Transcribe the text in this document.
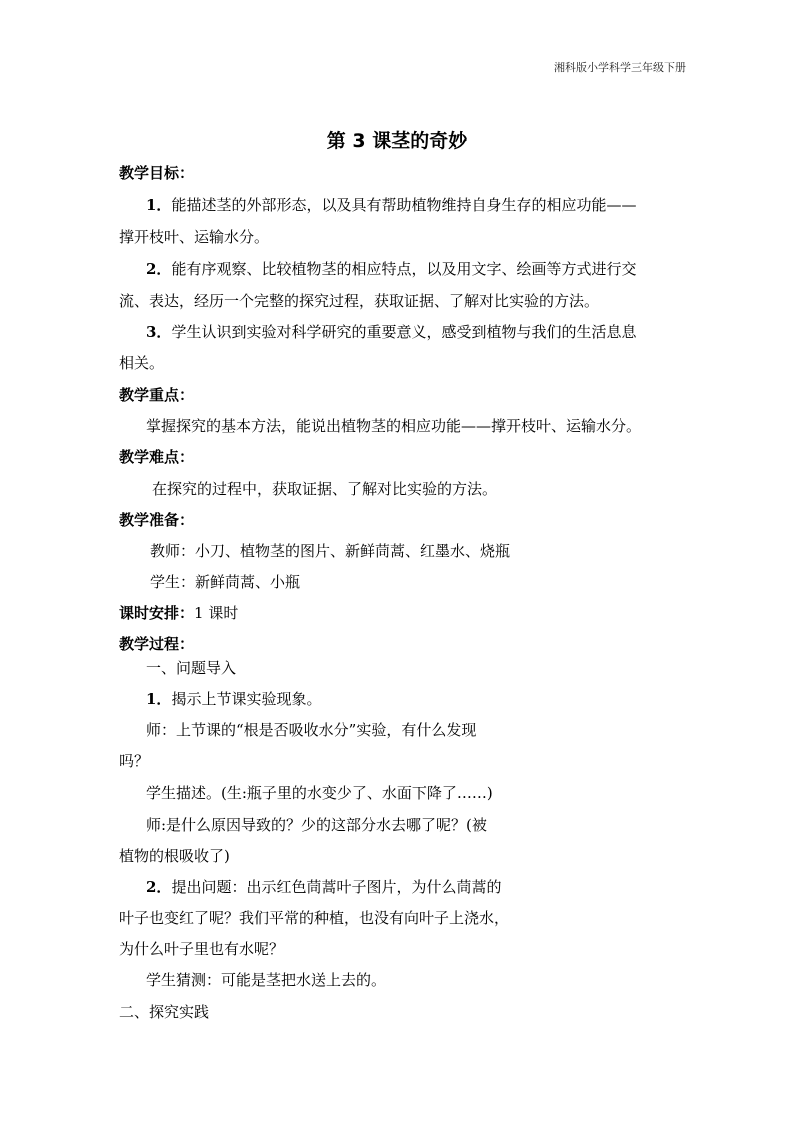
湘科版小学科学三年级下册
第 3 课茎的奇妙
教学目标：
1．能描述茎的外部形态，以及具有帮助植物维持自身生存的相应功能——
撑开枝叶、运输水分。
2．能有序观察、比较植物茎的相应特点，以及用文字、绘画等方式进行交
流、表达，经历一个完整的探究过程，获取证据、了解对比实验的方法。
3．学生认识到实验对科学研究的重要意义，感受到植物与我们的生活息息
相关。
教学重点：
掌握探究的基本方法，能说出植物茎的相应功能——撑开枝叶、运输水分。
教学难点：
在探究的过程中，获取证据、了解对比实验的方法。
教学准备：
教师：小刀、植物茎的图片、新鲜茼蒿、红墨水、烧瓶
学生：新鲜茼蒿、小瓶
课时安排：1 课时
教学过程：
一、问题导入
1．揭示上节课实验现象。
师：上节课的“根是否吸收水分”实验，有什么发现
吗？
学生描述。(生:瓶子里的水变少了、水面下降了……)
师:是什么原因导致的？少的这部分水去哪了呢？(被
植物的根吸收了)
2．提出问题：出示红色茼蒿叶子图片，为什么茼蒿的
叶子也变红了呢？我们平常的种植，也没有向叶子上浇水，
为什么叶子里也有水呢？
学生猜测：可能是茎把水送上去的。
二、探究实践
